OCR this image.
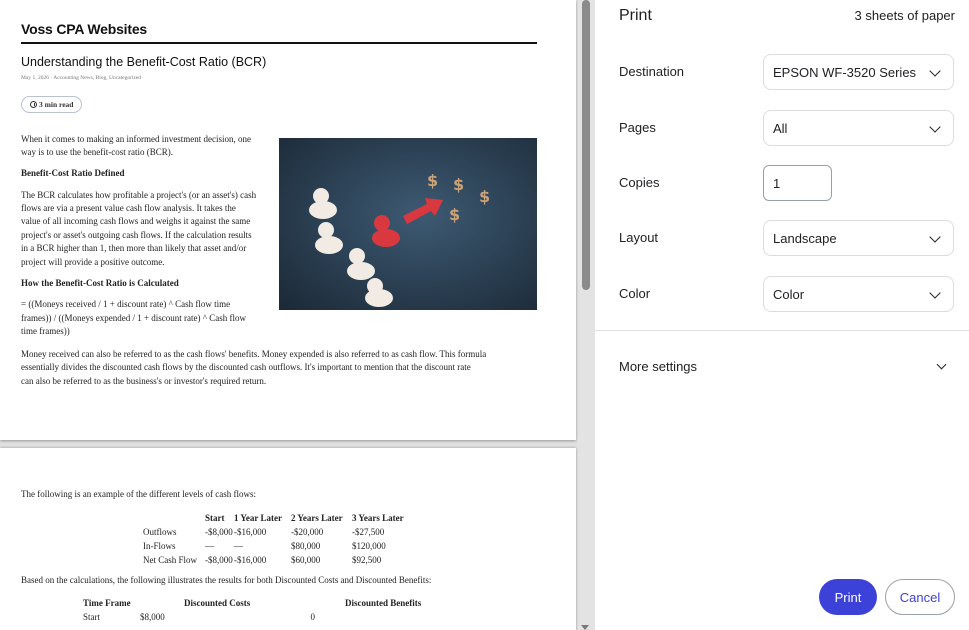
Voss CPA Websites
Understanding the Benefit-Cost Ratio (BCR)
May 1, 2026 · Accounting News, Blog, Uncategorized
3 min read
When it comes to making an informed investment decision, one
way is to use the benefit-cost ratio (BCR).
Benefit-Cost Ratio Defined
The BCR calculates how profitable a project's (or an asset's) cash
flows are via a present value cash flow analysis. It takes the
value of all incoming cash flows and weighs it against the same
project's or asset's outgoing cash flows. If the calculation results
in a BCR higher than 1, then more than likely that asset and/or
project will provide a positive outcome.
How the Benefit-Cost Ratio is Calculated
= ((Moneys received / 1 + discount rate) ^ Cash flow time
frames)) / ((Moneys expended / 1 + discount rate) ^ Cash flow
time frames))
Money received can also be referred to as the cash flows' benefits. Money expended is also referred to as cash flow. This formula
essentially divides the discounted cash flows by the discounted cash outflows. It's important to mention that the discount rate
can also be referred to as the business's or investor's required return.
$ $
$
$
The following is an example of the different levels of cash flows:
	Start	1 Year Later	2 Years Later	3 Years Later
Outflows	-$8,000	-$16,000	-$20,000	-$27,500
In-Flows	—	—	$80,000	$120,000
Net Cash Flow	-$8,000	-$16,000	$60,000	$92,500
Based on the calculations, the following illustrates the results for both Discounted Costs and Discounted Benefits:
Time Frame	Discounted Costs	Discounted Benefits
Start $8,000	0	
Print	3 sheets of paper
Destination	EPSON WF-3520 Series
Pages	All
Copies
1
Layout	Landscape
Color	Color
More settings
Print	Cancel
